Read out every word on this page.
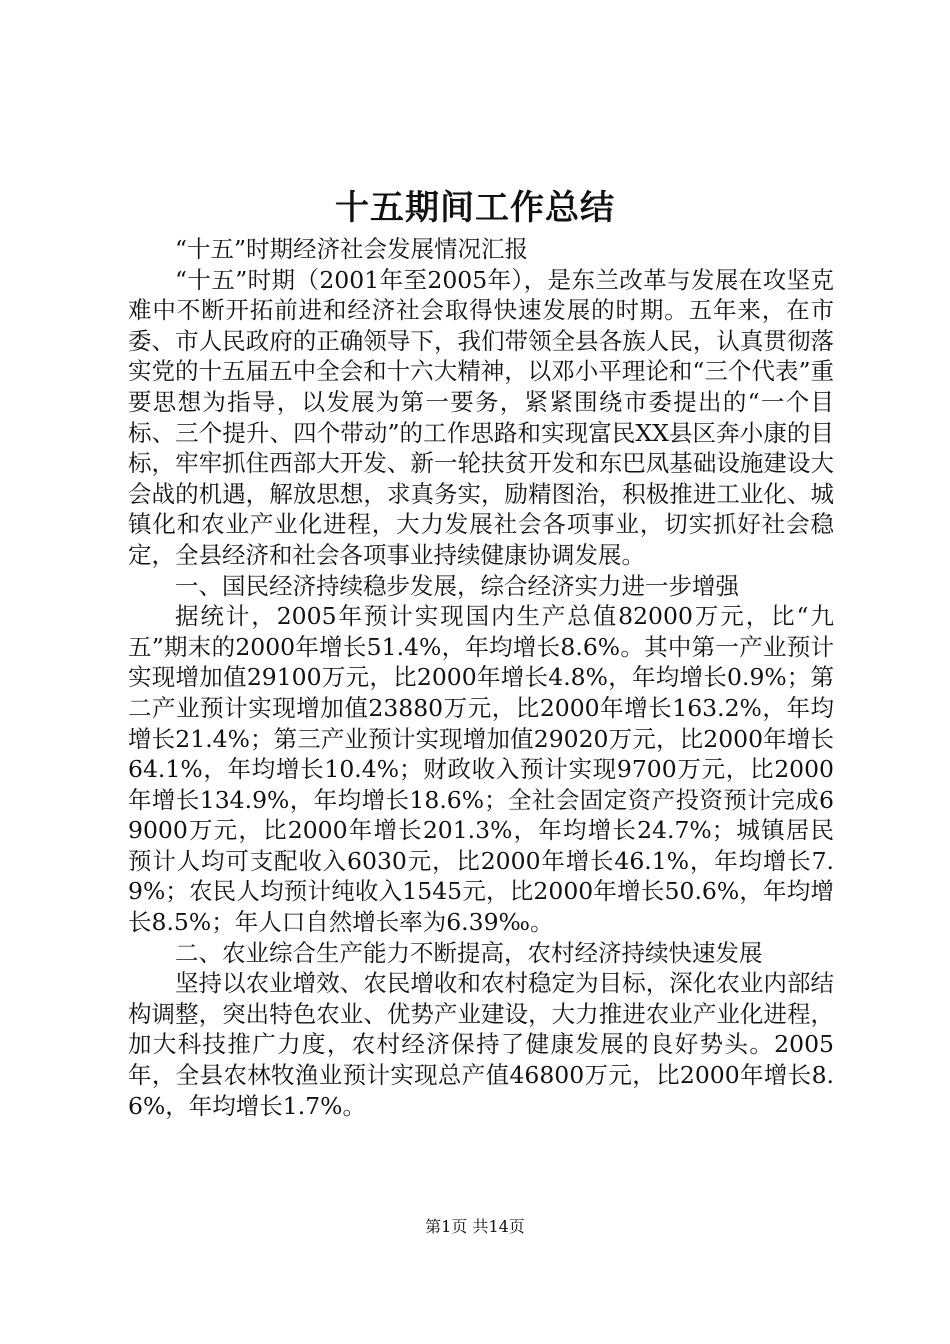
十五期间工作总结

“十五”时期经济社会发展情况汇报

“十五”时期（2001年至2005年），是东兰改革与发展在攻坚克难中不断开拓前进和经济社会取得快速发展的时期。五年来，在市委、市人民政府的正确领导下，我们带领全县各族人民，认真贯彻落实党的十五届五中全会和十六大精神，以邓小平理论和“三个代表”重要思想为指导，以发展为第一要务，紧紧围绕市委提出的“一个目标、三个提升、四个带动”的工作思路和实现富民XX县区奔小康的目标，牢牢抓住西部大开发、新一轮扶贫开发和东巴凤基础设施建设大会战的机遇，解放思想，求真务实，励精图治，积极推进工业化、城镇化和农业产业化进程，大力发展社会各项事业，切实抓好社会稳定，全县经济和社会各项事业持续健康协调发展。

一、国民经济持续稳步发展，综合经济实力进一步增强

据统计，2005年预计实现国内生产总值82000万元，比“九五”期末的2000年增长51.4%，年均增长8.6%。其中第一产业预计实现增加值29100万元，比2000年增长4.8%，年均增长0.9%；第二产业预计实现增加值23880万元，比2000年增长163.2%，年均增长21.4%；第三产业预计实现增加值29020万元，比2000年增长64.1%，年均增长10.4%；财政收入预计实现9700万元，比2000年增长134.9%，年均增长18.6%；全社会固定资产投资预计完成69000万元，比2000年增长201.3%，年均增长24.7%；城镇居民预计人均可支配收入6030元，比2000年增长46.1%，年均增长7.9%；农民人均预计纯收入1545元，比2000年增长50.6%，年均增长8.5%；年人口自然增长率为6.39‰。

二、农业综合生产能力不断提高，农村经济持续快速发展

坚持以农业增效、农民增收和农村稳定为目标，深化农业内部结构调整，突出特色农业、优势产业建设，大力推进农业产业化进程，加大科技推广力度，农村经济保持了健康发展的良好势头。2005年，全县农林牧渔业预计实现总产值46800万元，比2000年增长8.6%，年均增长1.7%。

第1页 共14页
